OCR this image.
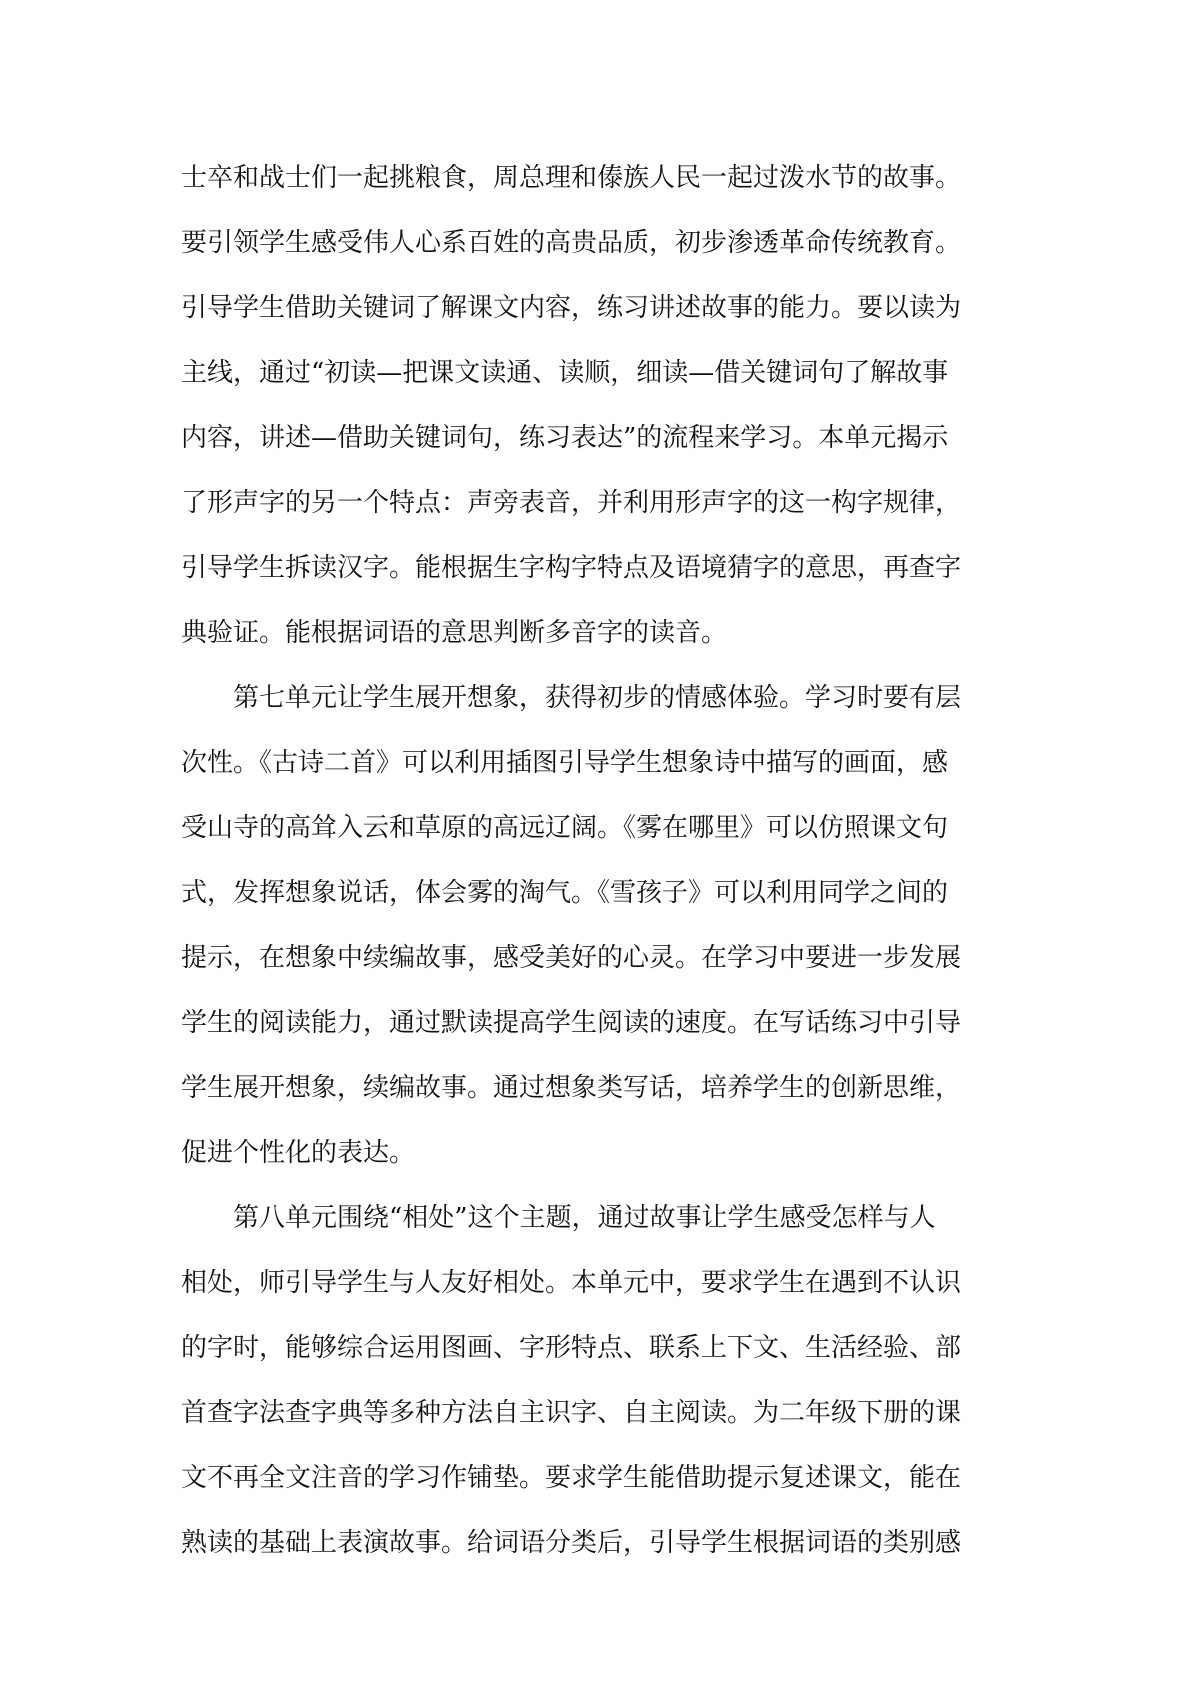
士卒和战士们一起挑粮食，周总理和傣族人民一起过泼水节的故事。
要引领学生感受伟人心系百姓的高贵品质，初步渗透革命传统教育。
引导学生借助关键词了解课文内容，练习讲述故事的能力。要以读为
主线，通过“初读—把课文读通、读顺，细读—借关键词句了解故事
内容，讲述—借助关键词句，练习表达”的流程来学习。本单元揭示
了形声字的另一个特点：声旁表音，并利用形声字的这一构字规律，
引导学生拆读汉字。能根据生字构字特点及语境猜字的意思，再查字
典验证。能根据词语的意思判断多音字的读音。
第七单元让学生展开想象，获得初步的情感体验。学习时要有层
次性。《古诗二首》可以利用插图引导学生想象诗中描写的画面，感
受山寺的高耸入云和草原的高远辽阔。《雾在哪里》可以仿照课文句
式，发挥想象说话，体会雾的淘气。《雪孩子》可以利用同学之间的
提示，在想象中续编故事，感受美好的心灵。在学习中要进一步发展
学生的阅读能力，通过默读提高学生阅读的速度。在写话练习中引导
学生展开想象，续编故事。通过想象类写话，培养学生的创新思维，
促进个性化的表达。
第八单元围绕“相处”这个主题，通过故事让学生感受怎样与人
相处，师引导学生与人友好相处。本单元中，要求学生在遇到不认识
的字时，能够综合运用图画、字形特点、联系上下文、生活经验、部
首查字法查字典等多种方法自主识字、自主阅读。为二年级下册的课
文不再全文注音的学习作铺垫。要求学生能借助提示复述课文，能在
熟读的基础上表演故事。给词语分类后，引导学生根据词语的类别感
